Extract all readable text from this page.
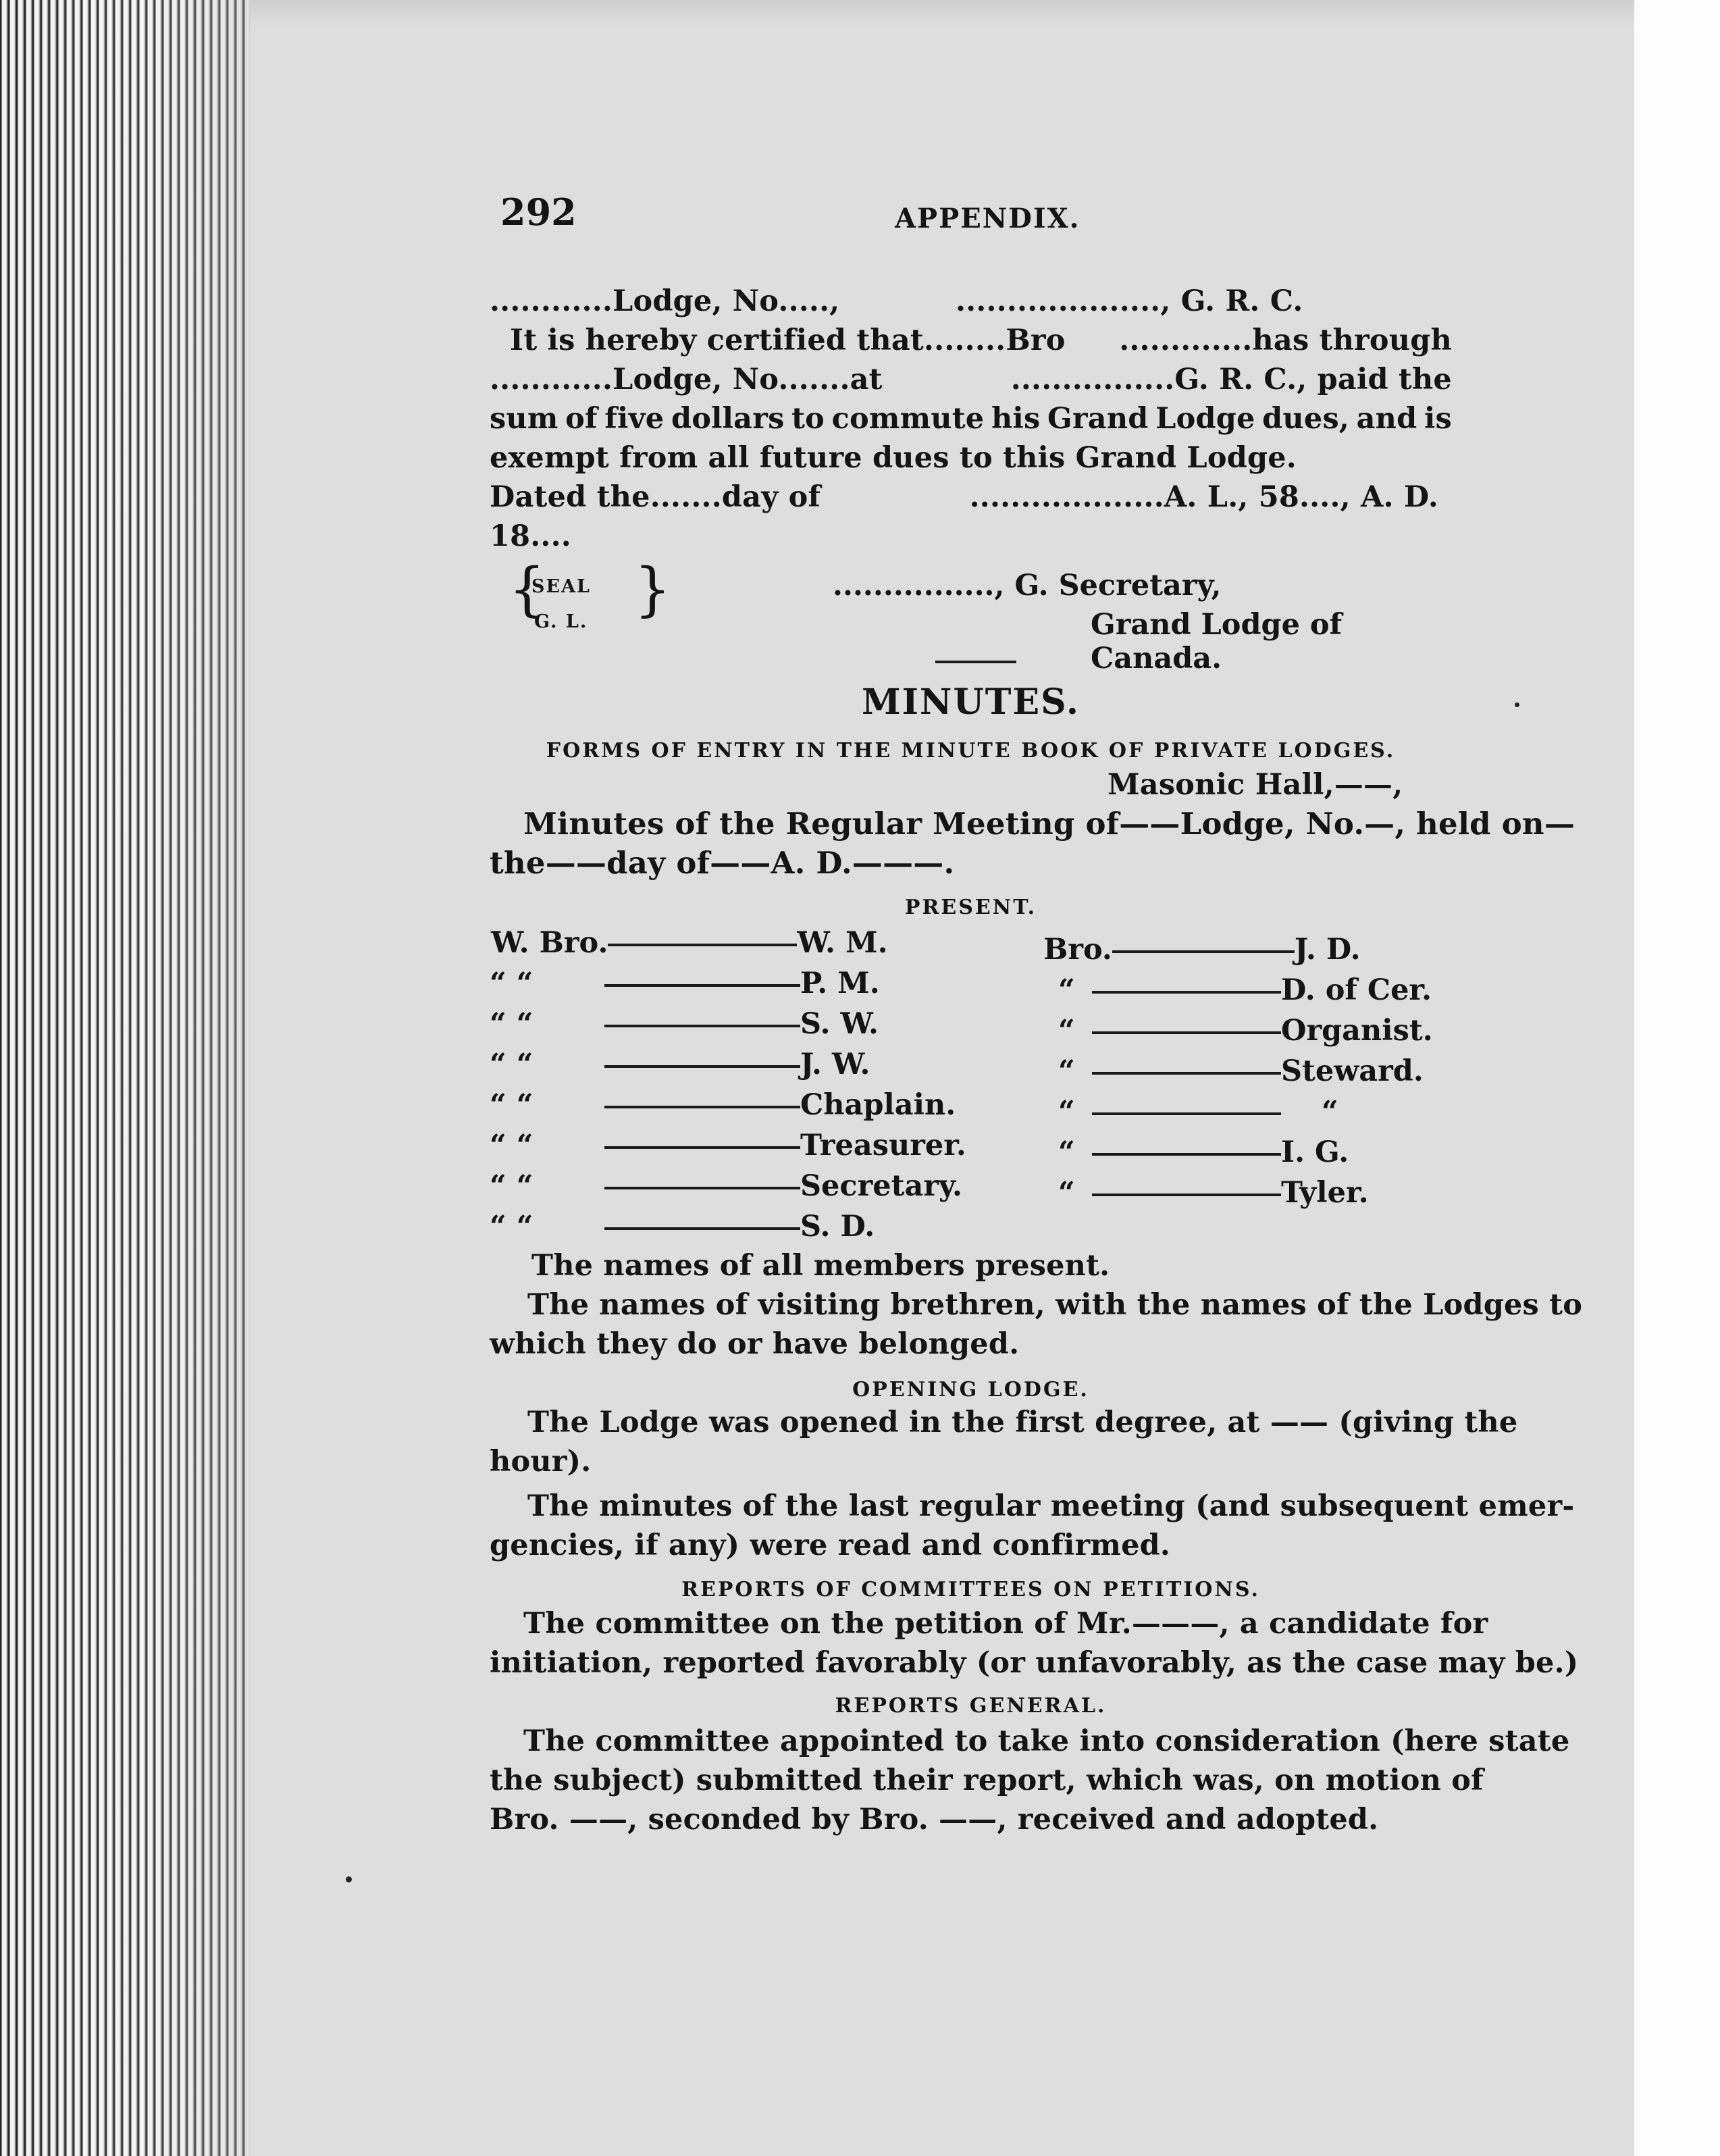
292	APPENDIX.
............Lodge, No.....,	...................., G. R. C.
It is hereby certified that........Bro .............has through
............Lodge, No.......at	................G. R. C., paid the
sum of five dollars to commute his Grand Lodge dues, and is
exempt from all future dues to this Grand Lodge.
Dated the.......day of	...................A. L., 58...., A. D.
18....
{
SEAL
G. L. }	................, G. Secretary,
Grand Lodge of Canada.
MINUTES.
FORMS OF ENTRY IN THE MINUTE BOOK OF PRIVATE LODGES.
Masonic Hall,——,
Minutes of the Regular Meeting of——Lodge, No.—, held on—
the——day of——A. D.———.
PRESENT.
W. Bro.	W. M.
“ “	P. M.
“ “	S. W.
“ “	J. W.
“ “	Chaplain.
“ “	Treasurer.
“ “	Secretary.
“ “	S. D.
Bro.	J. D.
“	D. of Cer.
“	Organist.
“	Steward.
“	“
“	I. G.
“	Tyler.
The names of all members present.
The names of visiting brethren, with the names of the Lodges to
which they do or have belonged.
OPENING LODGE.
The Lodge was opened in the first degree, at —— (giving the
hour).
The minutes of the last regular meeting (and subsequent emer-
gencies, if any) were read and confirmed.
REPORTS OF COMMITTEES ON PETITIONS.
The committee on the petition of Mr.———, a candidate for
initiation, reported favorably (or unfavorably, as the case may be.)
REPORTS GENERAL.
The committee appointed to take into consideration (here state
the subject) submitted their report, which was, on motion of
Bro. ——, seconded by Bro. ——, received and adopted.
